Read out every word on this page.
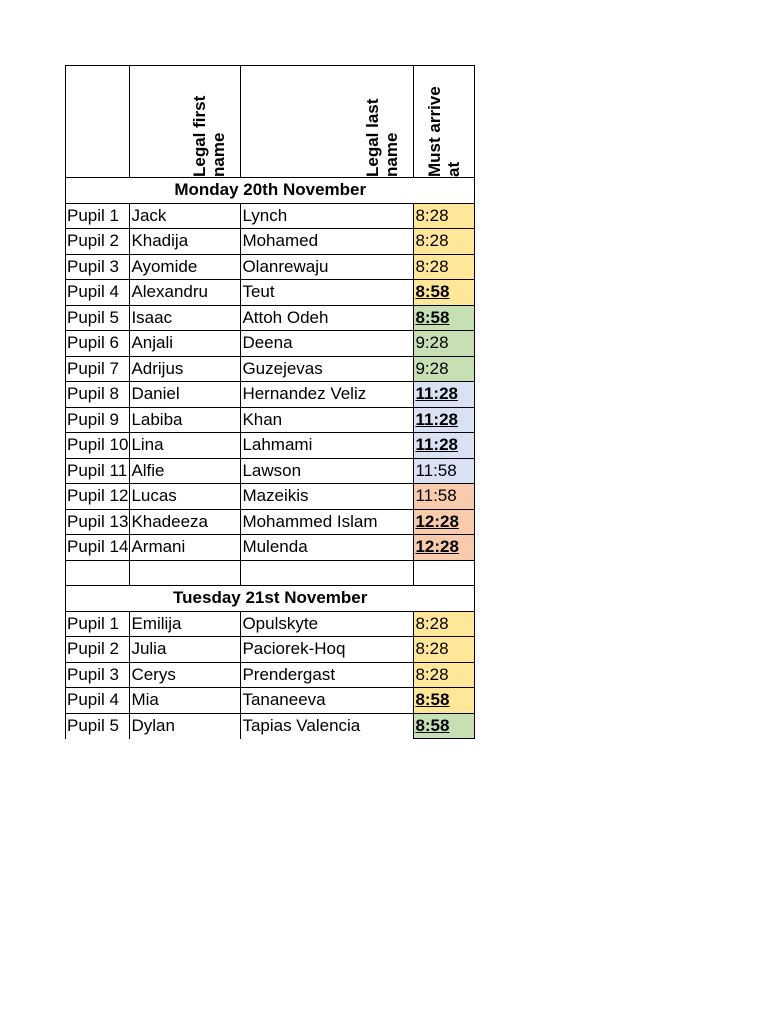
	Legal first name	Legal last name	Must arrive at

Monday 20th November			
Pupil 1	Jack	Lynch	8:28
Pupil 2	Khadija	Mohamed	8:28
Pupil 3	Ayomide	Olanrewaju	8:28
Pupil 4	Alexandru	Teut	8:58
Pupil 5	Isaac	Attoh Odeh	8:58
Pupil 6	Anjali	Deena	9:28
Pupil 7	Adrijus	Guzejevas	9:28
Pupil 8	Daniel	Hernandez Veliz	11:28
Pupil 9	Labiba	Khan	11:28
Pupil 10	Lina	Lahmami	11:28
Pupil 11	Alfie	Lawson	11:58
Pupil 12	Lucas	Mazeikis	11:58
Pupil 13	Khadeeza	Mohammed Islam	12:28
Pupil 14	Armani	Mulenda	12:28

Tuesday 21st November			
Pupil 1	Emilija	Opulskyte	8:28
Pupil 2	Julia	Paciorek-Hoq	8:28
Pupil 3	Cerys	Prendergast	8:28
Pupil 4	Mia	Tananeeva	8:58
Pupil 5	Dylan	Tapias Valencia	8:58
